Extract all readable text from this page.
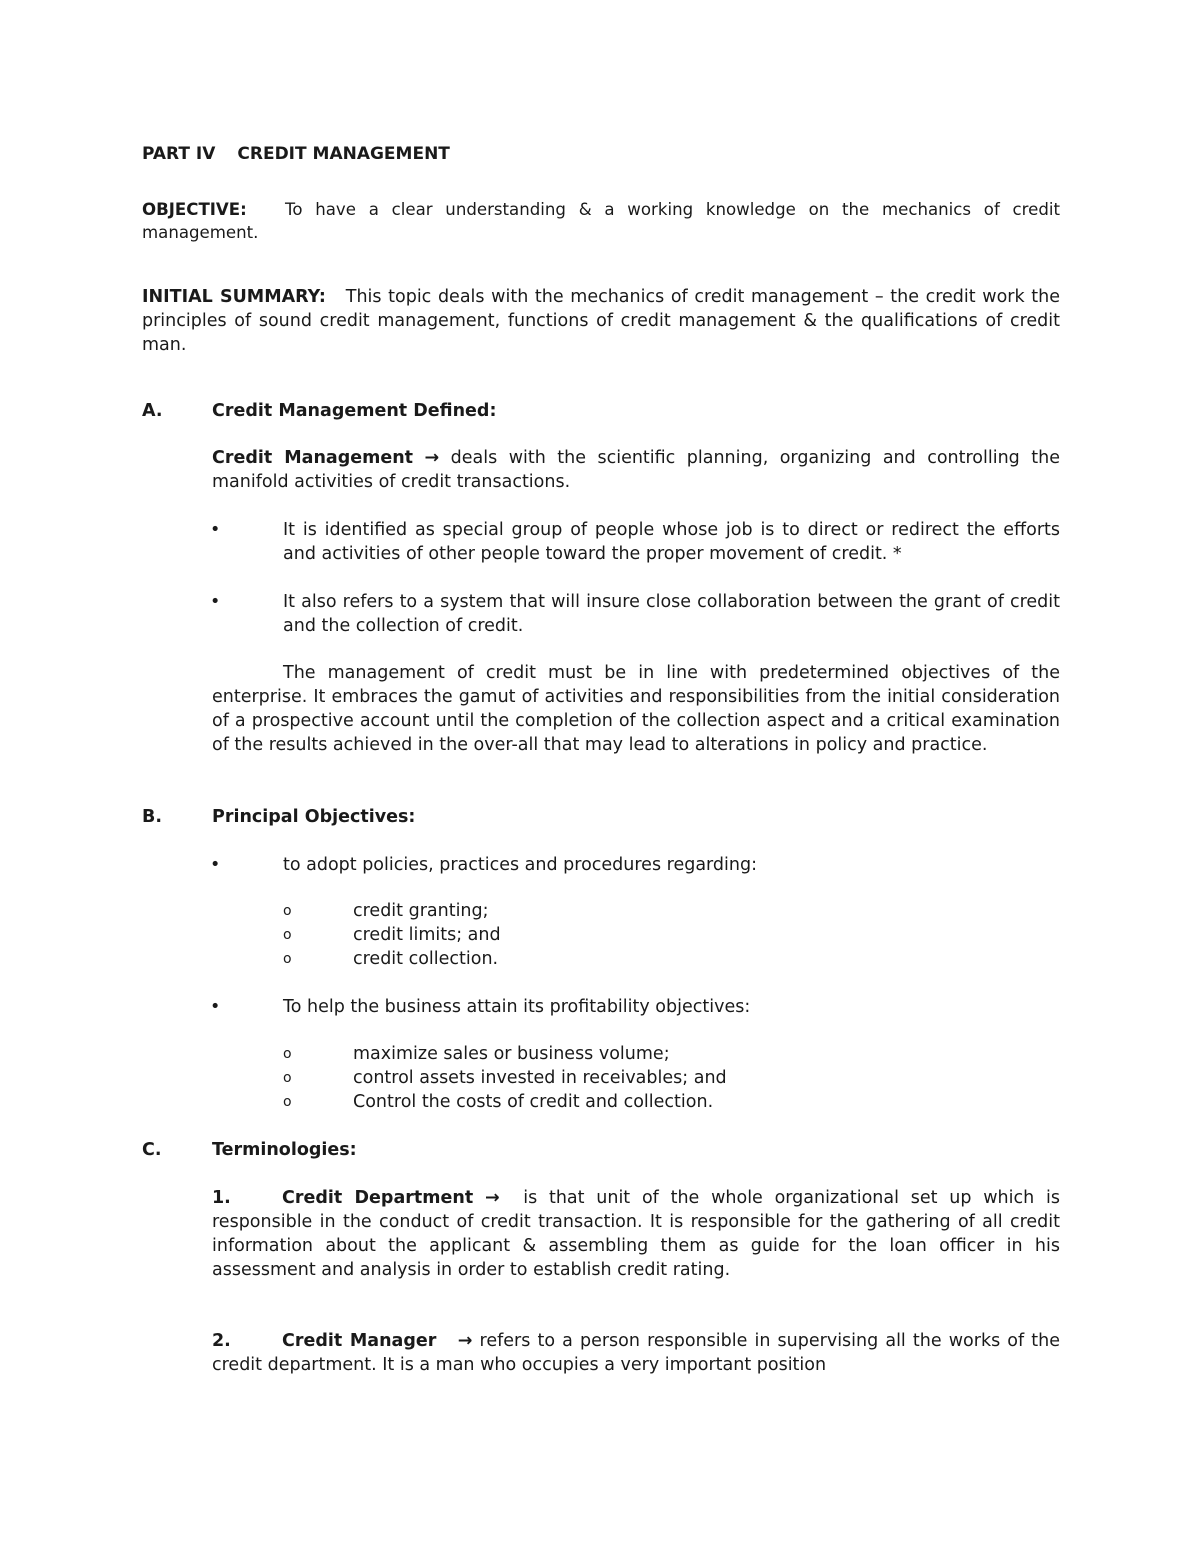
PART IV CREDIT MANAGEMENT
OBJECTIVE: To have a clear understanding & a working knowledge on the mechanics of credit management.
INITIAL SUMMARY: This topic deals with the mechanics of credit management – the credit work the principles of sound credit management, functions of credit management & the qualifications of credit man.
A.	Credit Management Defined:
Credit Management → deals with the scientific planning, organizing and controlling the manifold activities of credit transactions.
•	It is identified as special group of people whose job is to direct or redirect the efforts and activities of other people toward the proper movement of credit. *
•	It also refers to a system that will insure close collaboration between the grant of credit and the collection of credit.
The management of credit must be in line with predetermined objectives of the enterprise. It embraces the gamut of activities and responsibilities from the initial consideration of a prospective account until the completion of the collection aspect and a critical examination of the results achieved in the over-all that may lead to alterations in policy and practice.
B.	Principal Objectives:
•	to adopt policies, practices and procedures regarding:
o	credit granting;
o	credit limits; and
o	credit collection.
•	To help the business attain its profitability objectives:
o	maximize sales or business volume;
o	control assets invested in receivables; and
o	Control the costs of credit and collection.
C.	Terminologies:
1.	Credit Department → is that unit of the whole organizational set up which is responsible in the conduct of credit transaction. It is responsible for the gathering of all credit information about the applicant & assembling them as guide for the loan officer in his assessment and analysis in order to establish credit rating.
2.	Credit Manager → refers to a person responsible in supervising all the works of the credit department. It is a man who occupies a very important position
